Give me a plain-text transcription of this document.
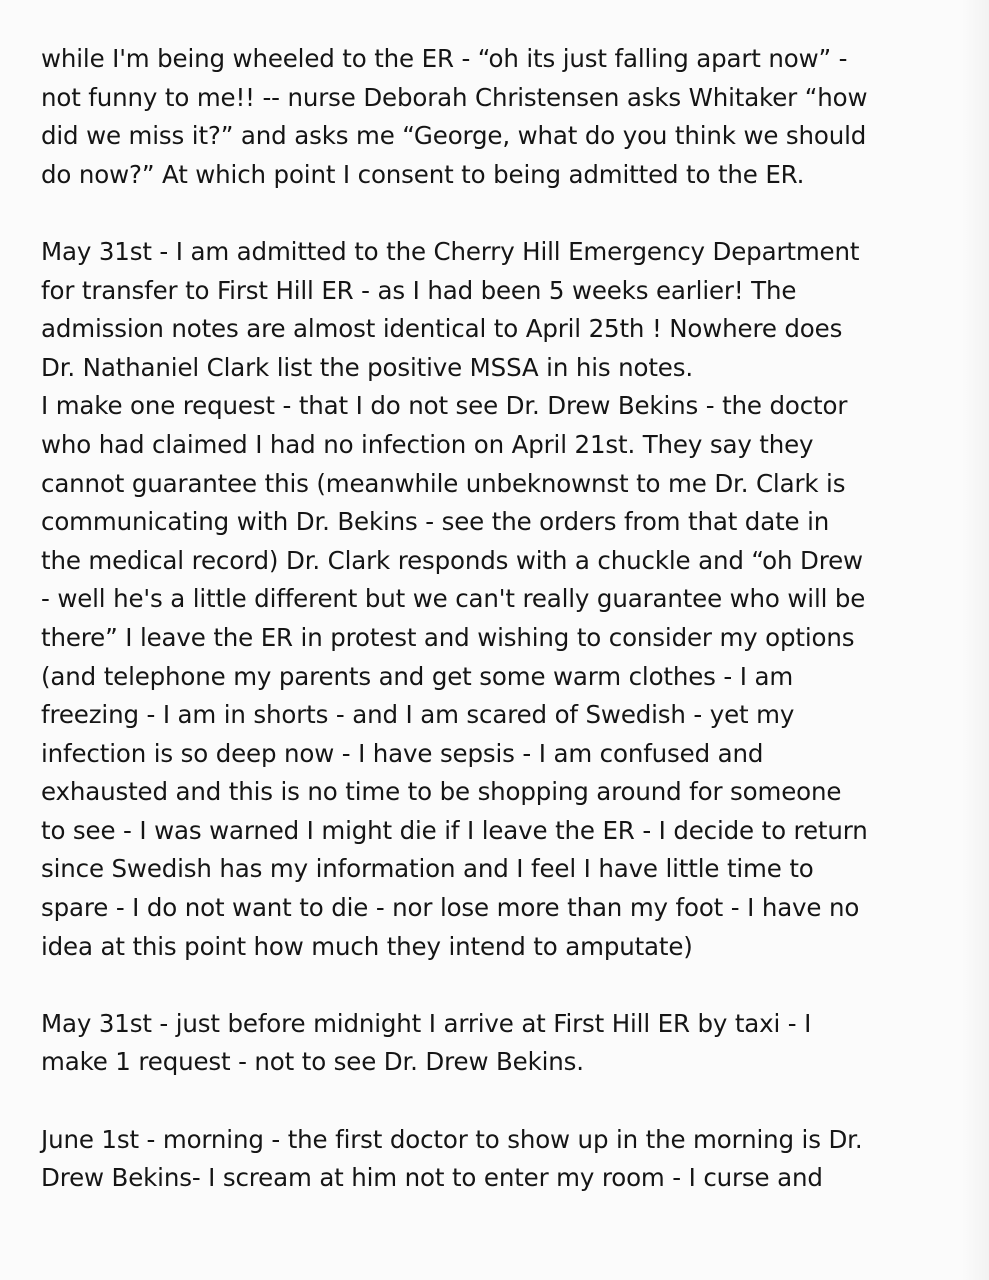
while I'm being wheeled to the ER - “oh its just falling apart now” -
not funny to me!! -- nurse Deborah Christensen asks Whitaker “how
did we miss it?” and asks me “George, what do you think we should
do now?” At which point I consent to being admitted to the ER.

May 31st - I am admitted to the Cherry Hill Emergency Department
for transfer to First Hill ER - as I had been 5 weeks earlier! The
admission notes are almost identical to April 25th ! Nowhere does
Dr. Nathaniel Clark list the positive MSSA in his notes.
I make one request - that I do not see Dr. Drew Bekins - the doctor
who had claimed I had no infection on April 21st. They say they
cannot guarantee this (meanwhile unbeknownst to me Dr. Clark is
communicating with Dr. Bekins - see the orders from that date in
the medical record) Dr. Clark responds with a chuckle and “oh Drew
- well he's a little different but we can't really guarantee who will be
there” I leave the ER in protest and wishing to consider my options
(and telephone my parents and get some warm clothes - I am
freezing - I am in shorts - and I am scared of Swedish - yet my
infection is so deep now - I have sepsis - I am confused and
exhausted and this is no time to be shopping around for someone
to see - I was warned I might die if I leave the ER - I decide to return
since Swedish has my information and I feel I have little time to
spare - I do not want to die - nor lose more than my foot - I have no
idea at this point how much they intend to amputate)

May 31st - just before midnight I arrive at First Hill ER by taxi - I
make 1 request - not to see Dr. Drew Bekins.

June 1st - morning - the first doctor to show up in the morning is Dr.
Drew Bekins- I scream at him not to enter my room - I curse and
